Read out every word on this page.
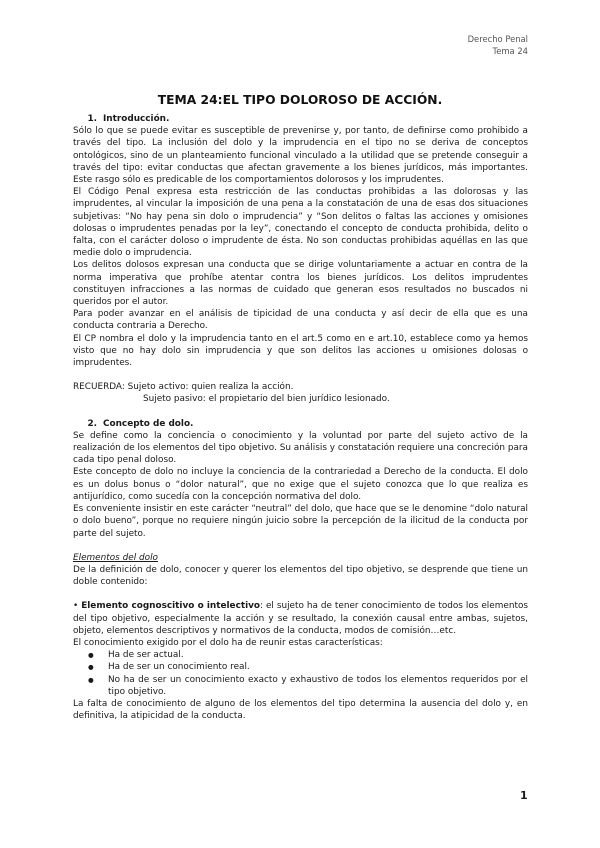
Derecho Penal
Tema 24
TEMA 24:EL TIPO DOLOROSO DE ACCIÓN.
1. Introducción.

Sólo lo que se puede evitar es susceptible de prevenirse y, por tanto, de definirse como prohibido a través del tipo. La inclusión del dolo y la imprudencia en el tipo no se deriva de conceptos ontológicos, sino de un planteamiento funcional vinculado a la utilidad que se pretende conseguir a través del tipo: evitar conductas que afectan gravemente a los bienes jurídicos, más importantes. Este rasgo sólo es predicable de los comportamientos dolorosos y los imprudentes.

El Código Penal expresa esta restricción de las conductas prohibidas a las dolorosas y las imprudentes, al vincular la imposición de una pena a la constatación de una de esas dos situaciones subjetivas: “No hay pena sin dolo o imprudencia” y “Son delitos o faltas las acciones y omisiones dolosas o imprudentes penadas por la ley”, conectando el concepto de conducta prohibida, delito o falta, con el carácter doloso o imprudente de ésta. No son conductas prohibidas aquéllas en las que medie dolo o imprudencia.

Los delitos dolosos expresan una conducta que se dirige voluntariamente a actuar en contra de la norma imperativa que prohíbe atentar contra los bienes jurídicos. Los delitos imprudentes constituyen infracciones a las normas de cuidado que generan esos resultados no buscados ni queridos por el autor.

Para poder avanzar en el análisis de tipicidad de una conducta y así decir de ella que es una conducta contraria a Derecho.

El CP nombra el dolo y la imprudencia tanto en el art.5 como en e art.10, establece como ya hemos visto que no hay dolo sin imprudencia y que son delitos las acciones u omisiones dolosas o imprudentes.

RECUERDA: Sujeto activo: quien realiza la acción.

Sujeto pasivo: el propietario del bien jurídico lesionado.

2. Concepto de dolo.

Se define como la conciencia o conocimiento y la voluntad por parte del sujeto activo de la realización de los elementos del tipo objetivo. Su análisis y constatación requiere una concreción para cada tipo penal doloso.

Este concepto de dolo no incluye la conciencia de la contrariedad a Derecho de la conducta. El dolo es un dolus bonus o “dolor natural”, que no exige que el sujeto conozca que lo que realiza es antijurídico, como sucedía con la concepción normativa del dolo.

Es conveniente insistir en este carácter “neutral” del dolo, que hace que se le denomine “dolo natural o dolo bueno”, porque no requiere ningún juicio sobre la percepción de la ilicitud de la conducta por parte del sujeto.

Elementos del dolo

De la definición de dolo, conocer y querer los elementos del tipo objetivo, se desprende que tiene un doble contenido:

• Elemento cognoscitivo o intelectivo: el sujeto ha de tener conocimiento de todos los elementos del tipo objetivo, especialmente la acción y se resultado, la conexión causal entre ambas, sujetos, objeto, elementos descriptivos y normativos de la conducta, modos de comisión…etc.

El conocimiento exigido por el dolo ha de reunir estas características:

● Ha de ser actual.
● Ha de ser un conocimiento real.
● No ha de ser un conocimiento exacto y exhaustivo de todos los elementos requeridos por el tipo objetivo.

La falta de conocimiento de alguno de los elementos del tipo determina la ausencia del dolo y, en definitiva, la atipicidad de la conducta.

1
